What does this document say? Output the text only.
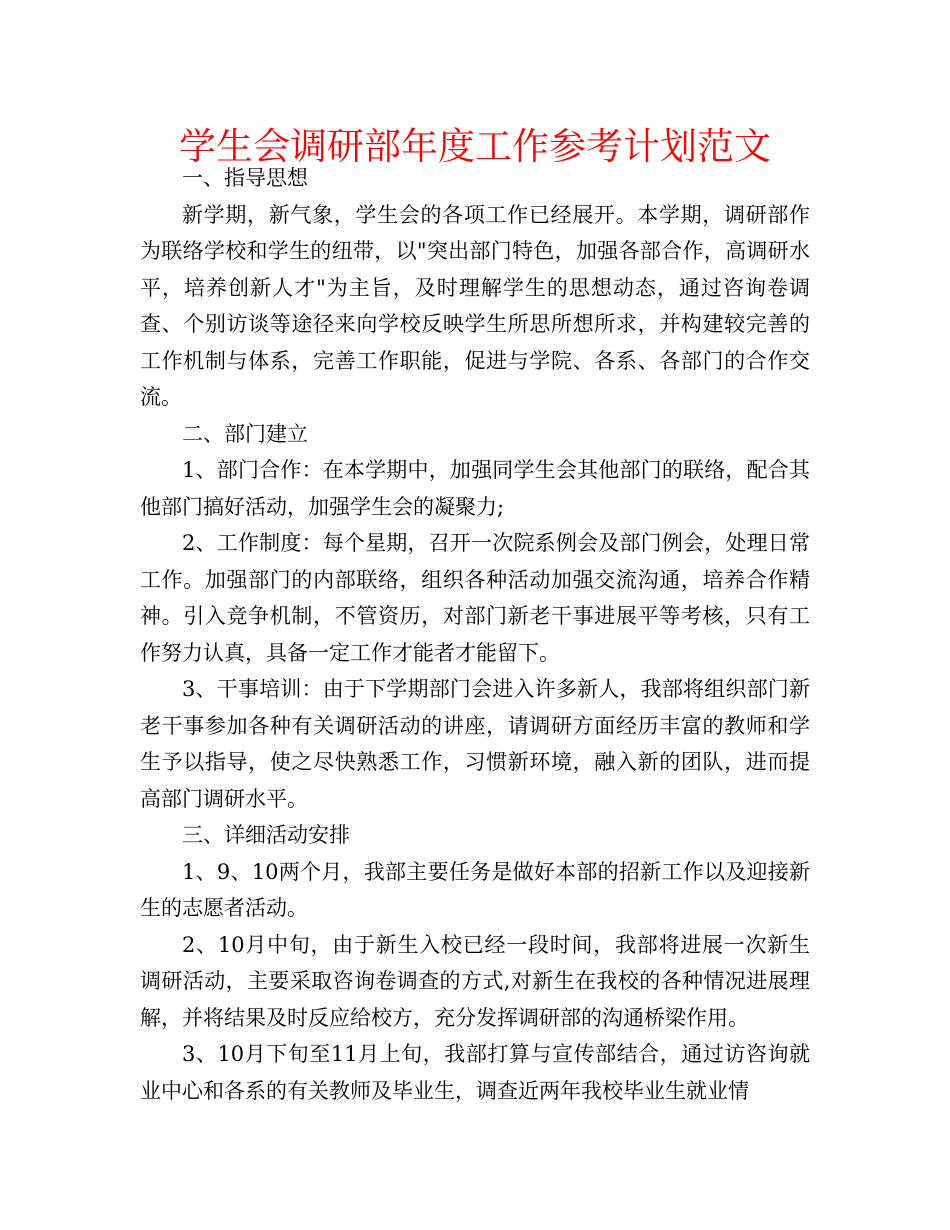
学生会调研部年度工作参考计划范文

一、指导思想

新学期，新气象，学生会的各项工作已经展开。本学期，调研部作为联络学校和学生的纽带，以"突出部门特色，加强各部合作，高调研水平，培养创新人才"为主旨，及时理解学生的思想动态，通过咨询卷调查、个别访谈等途径来向学校反映学生所思所想所求，并构建较完善的工作机制与体系，完善工作职能，促进与学院、各系、各部门的合作交流。

二、部门建立

1、部门合作：在本学期中，加强同学生会其他部门的联络，配合其他部门搞好活动，加强学生会的凝聚力;

2、工作制度：每个星期，召开一次院系例会及部门例会，处理日常工作。加强部门的内部联络，组织各种活动加强交流沟通，培养合作精神。引入竞争机制，不管资历，对部门新老干事进展平等考核，只有工作努力认真，具备一定工作才能者才能留下。

3、干事培训：由于下学期部门会进入许多新人，我部将组织部门新老干事参加各种有关调研活动的讲座，请调研方面经历丰富的教师和学生予以指导，使之尽快熟悉工作，习惯新环境，融入新的团队，进而提高部门调研水平。

三、详细活动安排

1、9、10两个月，我部主要任务是做好本部的招新工作以及迎接新生的志愿者活动。

2、10月中旬，由于新生入校已经一段时间，我部将进展一次新生调研活动，主要采取咨询卷调查的方式,对新生在我校的各种情况进展理解，并将结果及时反应给校方，充分发挥调研部的沟通桥梁作用。

3、10月下旬至11月上旬，我部打算与宣传部结合，通过访咨询就业中心和各系的有关教师及毕业生，调查近两年我校毕业生就业情
